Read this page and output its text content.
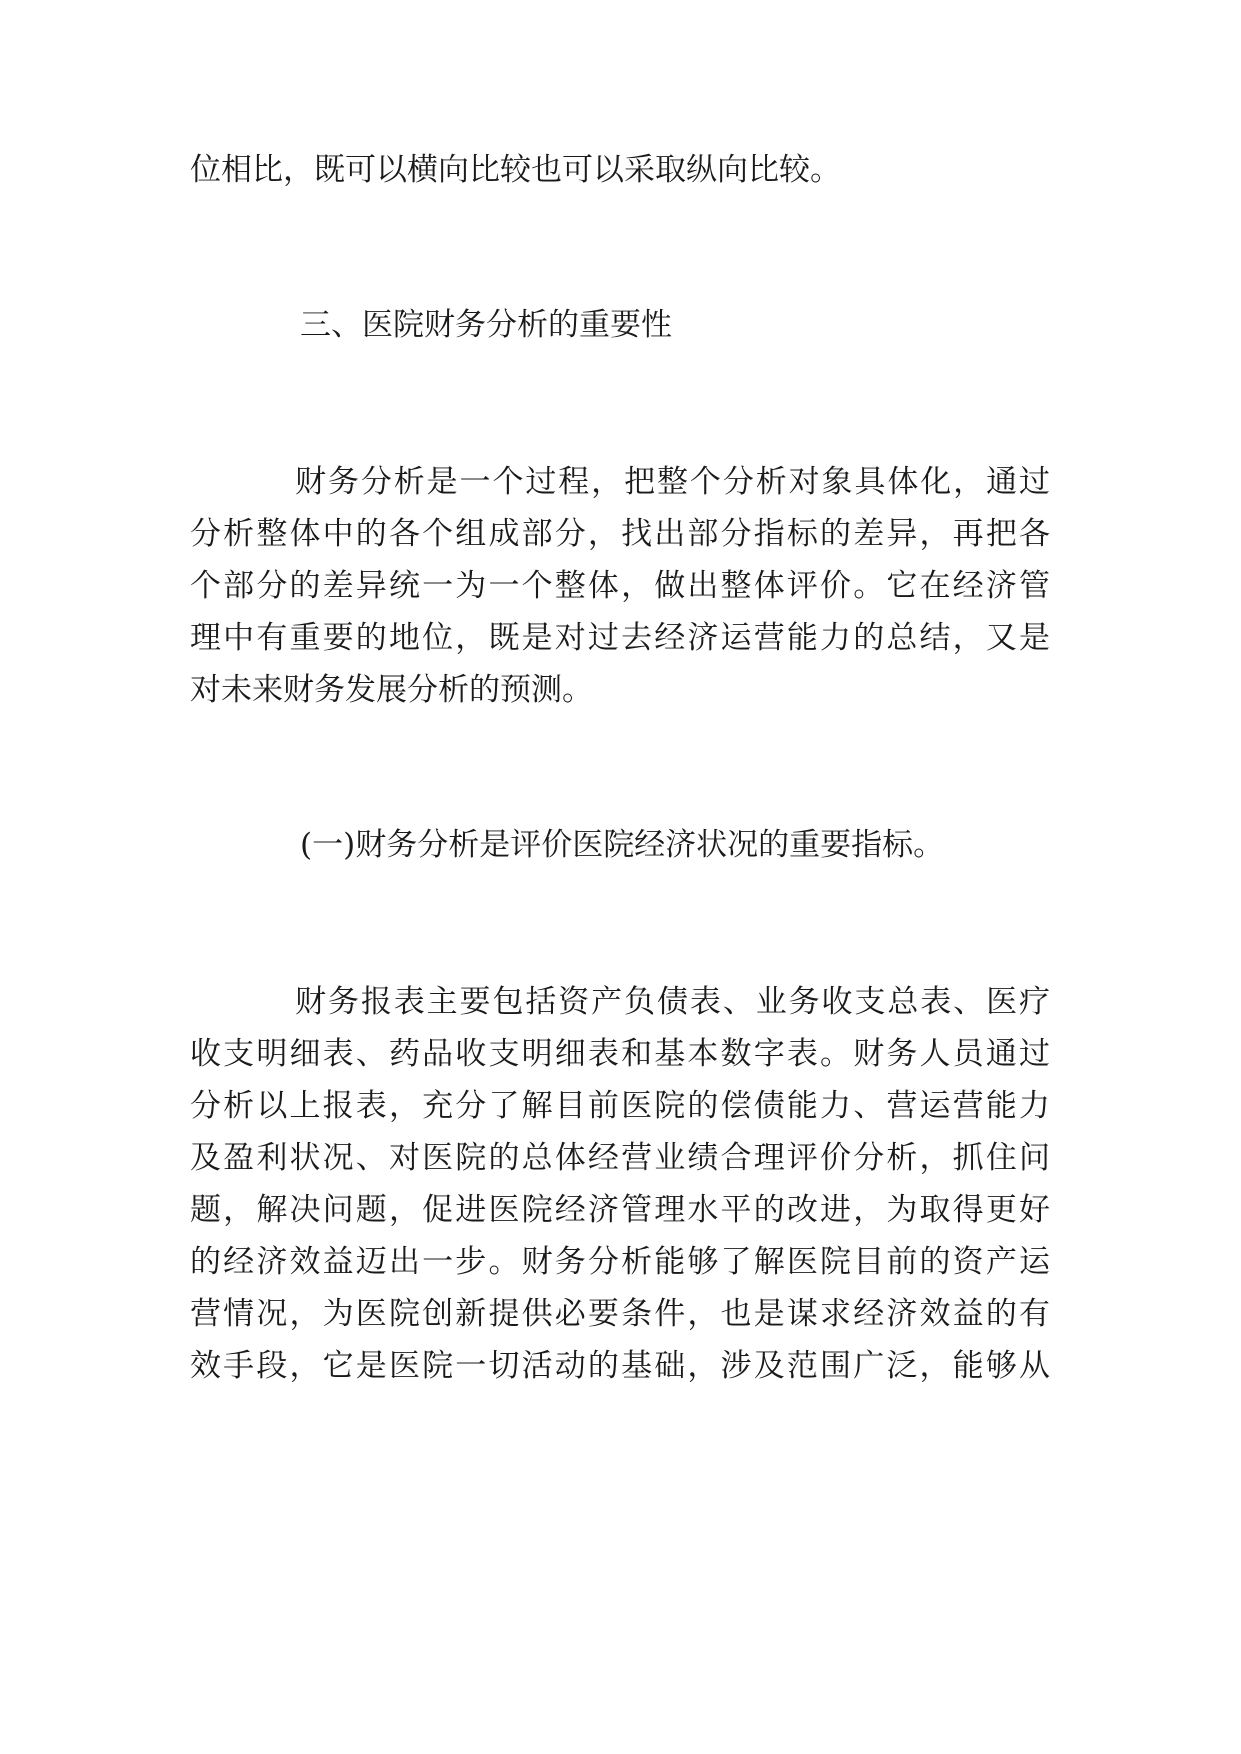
位相比，既可以横向比较也可以采取纵向比较。
三、医院财务分析的重要性
财务分析是一个过程，把整个分析对象具体化，通过
分析整体中的各个组成部分，找出部分指标的差异，再把各
个部分的差异统一为一个整体，做出整体评价。它在经济管
理中有重要的地位，既是对过去经济运营能力的总结，又是
对未来财务发展分析的预测。
(一)财务分析是评价医院经济状况的重要指标。
财务报表主要包括资产负债表、业务收支总表、医疗
收支明细表、药品收支明细表和基本数字表。财务人员通过
分析以上报表，充分了解目前医院的偿债能力、营运营能力
及盈利状况、对医院的总体经营业绩合理评价分析，抓住问
题，解决问题，促进医院经济管理水平的改进，为取得更好
的经济效益迈出一步。财务分析能够了解医院目前的资产运
营情况，为医院创新提供必要条件，也是谋求经济效益的有
效手段，它是医院一切活动的基础，涉及范围广泛，能够从
